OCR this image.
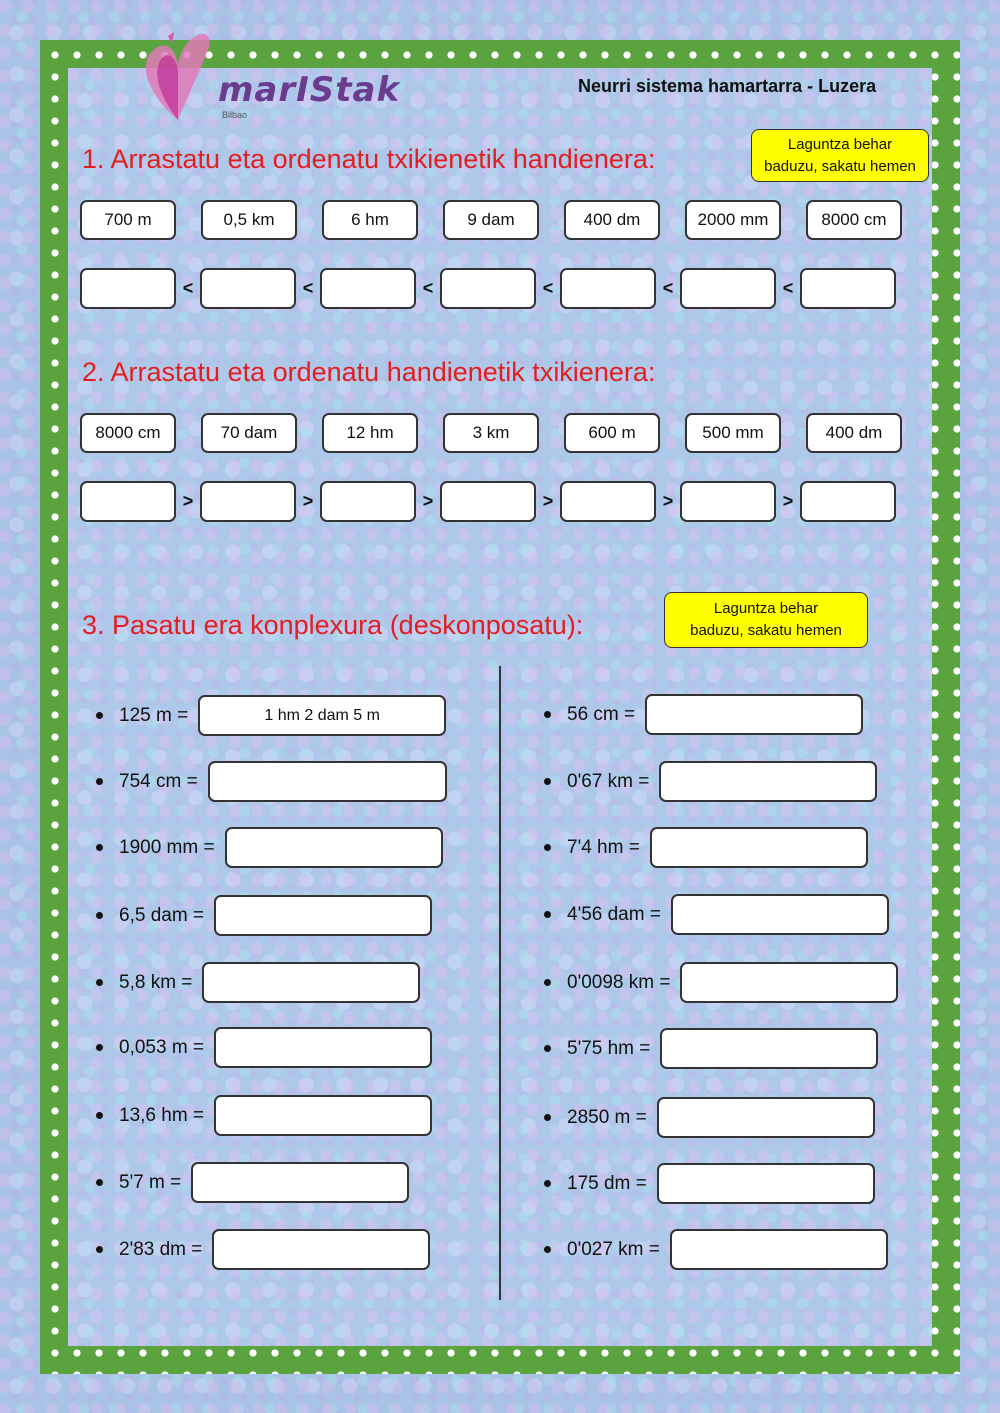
marIStak
Bilbao
Neurri sistema hamartarra - Luzera
1. Arrastatu eta ordenatu txikienetik handienera:	Laguntza behar
baduzu, sakatu hemen
700 m	0,5 km	6 hm	9 dam	400 dm	2000 mm	8000 cm
<	<	<	<	<	<
2. Arrastatu eta ordenatu handienetik txikienera:
8000 cm	70 dam	12 hm	3 km	600 m	500 mm	400 dm
>	>	>	>	>	>
3. Pasatu era konplexura (deskonposatu):
Laguntza behar
baduzu, sakatu hemen
125 m =	1 hm 2 dam 5 m
754 cm =
1900 mm =
6,5 dam =
5,8 km =
0,053 m =
13,6 hm =
5'7 m =
2'83 dm =
56 cm =
0'67 km =
7'4 hm =
4'56 dam =
0'0098 km =
5'75 hm =
2850 m =
175 dm =
0'027 km =
